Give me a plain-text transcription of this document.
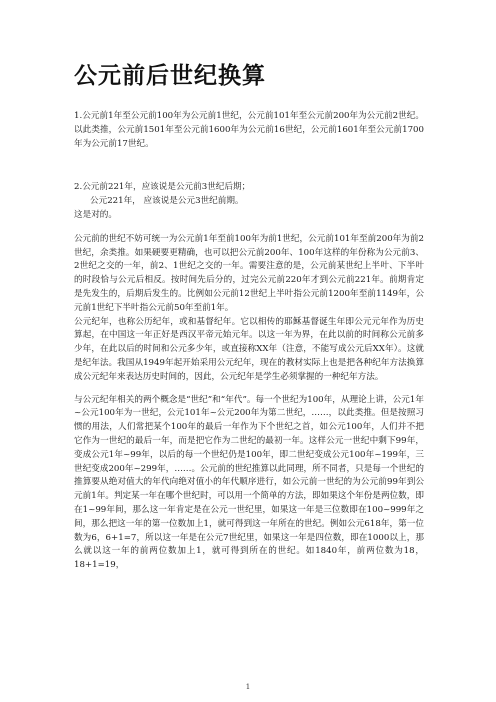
公元前后世纪换算

1.公元前1年至公元前100年为公元前1世纪，公元前101年至公元前200年为公元前2世纪。以此类推，公元前1501年至公元前1600年为公元前16世纪，公元前1601年至公元前1700年为公元前17世纪。

2.公元前221年，应该说是公元前3世纪后期；

公元221年， 应该说是公元3世纪前期。

这是对的。

公元前的世纪不妨可统一为公元前1年至前100年为前1世纪，公元前101年至前200年为前2世纪，余类推。如果硬要更精确，也可以把公元前200年、100年这样的年份称为公元前3、2世纪之交的一年，前2、1世纪之交的一年。需要注意的是，公元前某世纪上半叶、下半叶的时段恰与公元后相反。按时间先后分的，过完公元前220年才到公元前221年。前期肯定是先发生的，后期后发生的。比例如公元前12世纪上半叶指公元前1200年至前1149年，公元前1世纪下半叶指公元前50年至前1年。

公元纪年，也称公历纪年，或和基督纪年。它以相传的耶稣基督诞生年即公元元年作为历史算起，在中国这一年正好是西汉平帝元始元年。以这一年为界，在此以前的时间称公元前多少年，在此以后的时间和公元多少年，或直接称XX年（注意，不能写成公元后XX年）。这就是纪年法。我国从1949年起开始采用公元纪年，现在的教材实际上也是把各种纪年方法换算成公元纪年来表达历史时间的，因此，公元纪年是学生必须掌握的一种纪年方法。

与公元纪年相关的两个概念是“世纪”和“年代”。每一个世纪为100年，从理论上讲，公元1年~公元100年为一世纪，公元101年~公元200年为第二世纪，……，以此类推。但是按照习惯的用法，人们常把某个100年的最后一年作为下个世纪之首，如公元100年，人们并不把它作为一世纪的最后一年，而是把它作为二世纪的最初一年。这样公元一世纪中剩下99年，变成公元1年~99年，以后的每一个世纪仍是100年，即二世纪变成公元100年~199年，三世纪变成200年~299年，……。公元前的世纪推算以此同理，所不同者，只是每一个世纪的推算要从绝对值大的年代向绝对值小的年代顺序进行，如公元前一世纪的为公元前99年到公元前1年。判定某一年在哪个世纪时，可以用一个简单的方法，即如果这个年份是两位数，即在1~99年间，那么这一年肯定是在公元一世纪里，如果这一年是三位数即在100~999年之间，那么把这一年的第一位数加上1，就可得到这一年所在的世纪。例如公元618年，第一位数为6，6+1=7，所以这一年是在公元7世纪里，如果这一年是四位数，即在1000以上，那么就以这一年的前两位数加上1，就可得到所在的世纪。如1840年，前两位数为18，18+1=19，

1
